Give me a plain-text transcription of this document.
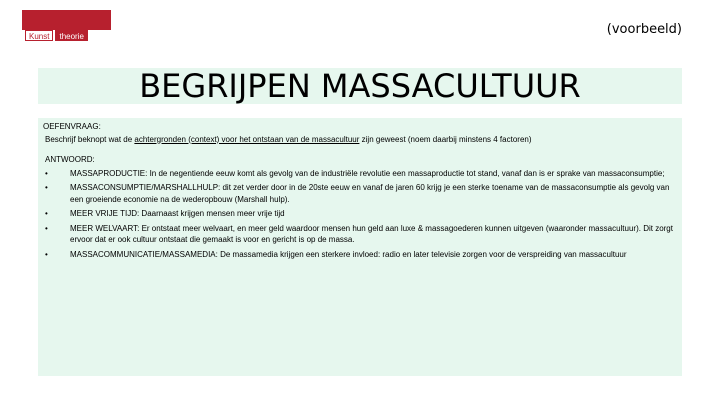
Kunst	theorie	(voorbeeld)
BEGRIJPEN MASSACULTUUR
OEFENVRAAG:
Beschrijf beknopt wat de achtergronden (context) voor het ontstaan van de massacultuur zijn geweest (noem daarbij minstens 4 factoren)
ANTWOORD:
•	MASSAPRODUCTIE: In de negentiende eeuw komt als gevolg van de industriële revolutie een massaproductie tot stand, vanaf dan is er sprake van massaconsumptie;
•	MASSACONSUMPTIE/MARSHALLHULP: dit zet verder door in de 20ste eeuw en vanaf de jaren 60 krijg je een sterke toename van de massaconsumptie als gevolg van een groeiende economie na de wederopbouw (Marshall hulp).
•	MEER VRIJE TIJD: Daarnaast krijgen mensen meer vrije tijd
•	MEER WELVAART: Er ontstaat meer welvaart, en meer geld waardoor mensen hun geld aan luxe & massagoederen kunnen uitgeven (waaronder massacultuur). Dit zorgt ervoor dat er ook cultuur ontstaat die gemaakt is voor en gericht is op de massa.
•	MASSACOMMUNICATIE/MASSAMEDIA: De massamedia krijgen een sterkere invloed: radio en later televisie zorgen voor de verspreiding van massacultuur
